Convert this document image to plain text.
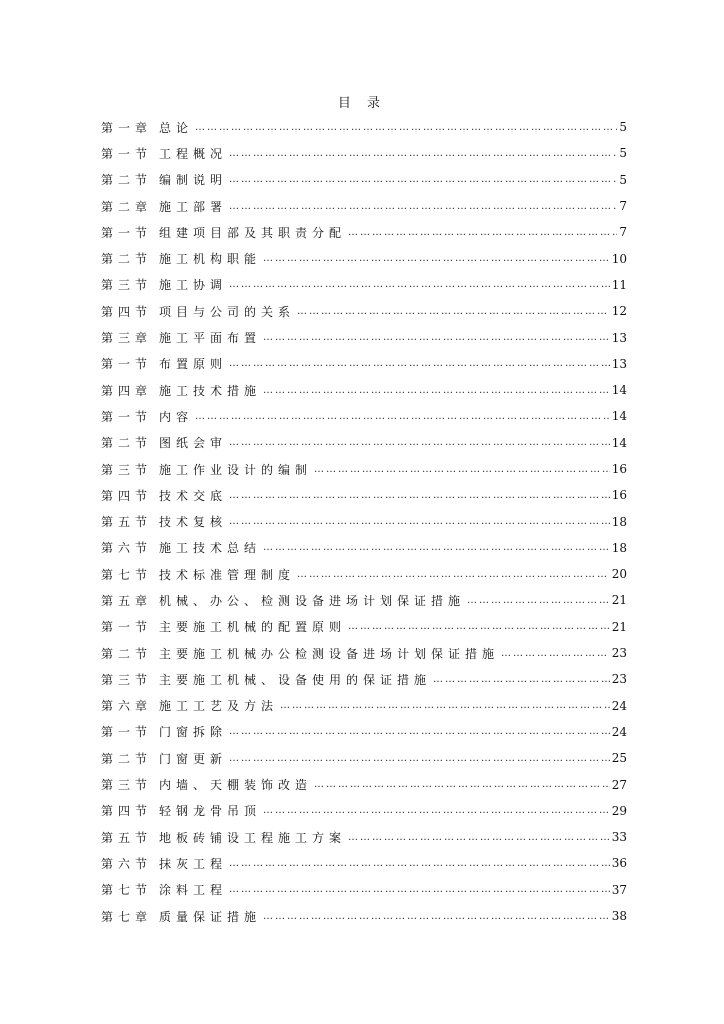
目 录
第一章 总论 …………………………………………………………………………………………………………………………………………………………………………	5
第一节 工程概况 …………………………………………………………………………………………………………………………………………………………………………	5
第二节 编制说明 …………………………………………………………………………………………………………………………………………………………………………	5
第二章 施工部署 …………………………………………………………………………………………………………………………………………………………………………	7
第一节 组建项目部及其职责分配 …………………………………………………………………………………………………………………………………………………………………………	7
第二节 施工机构职能 …………………………………………………………………………………………………………………………………………………………………………	10
第三节 施工协调 …………………………………………………………………………………………………………………………………………………………………………	11
第四节 项目与公司的关系 …………………………………………………………………………………………………………………………………………………………………………	12
第三章 施工平面布置 …………………………………………………………………………………………………………………………………………………………………………	13
第一节 布置原则 …………………………………………………………………………………………………………………………………………………………………………	13
第四章 施工技术措施 …………………………………………………………………………………………………………………………………………………………………………	14
第一节 内容 …………………………………………………………………………………………………………………………………………………………………………	14
第二节 图纸会审 …………………………………………………………………………………………………………………………………………………………………………	14
第三节 施工作业设计的编制 …………………………………………………………………………………………………………………………………………………………………………	16
第四节 技术交底 …………………………………………………………………………………………………………………………………………………………………………	16
第五节 技术复核 …………………………………………………………………………………………………………………………………………………………………………	18
第六节 施工技术总结 …………………………………………………………………………………………………………………………………………………………………………	18
第七节 技术标准管理制度 …………………………………………………………………………………………………………………………………………………………………………	20
第五章 机械、办公、检测设备进场计划保证措施 …………………………………………………………………………………………………………………………………………………………………………	21
第一节 主要施工机械的配置原则 …………………………………………………………………………………………………………………………………………………………………………	21
第二节 主要施工机械办公检测设备进场计划保证措施 …………………………………………………………………………………………………………………………………………………………………………	23
第三节 主要施工机械、设备使用的保证措施 …………………………………………………………………………………………………………………………………………………………………………	23
第六章 施工工艺及方法 …………………………………………………………………………………………………………………………………………………………………………	24
第一节 门窗拆除 …………………………………………………………………………………………………………………………………………………………………………	24
第二节 门窗更新 …………………………………………………………………………………………………………………………………………………………………………	25
第三节 内墙、天棚装饰改造 …………………………………………………………………………………………………………………………………………………………………………	27
第四节 轻钢龙骨吊顶 …………………………………………………………………………………………………………………………………………………………………………	29
第五节 地板砖铺设工程施工方案 …………………………………………………………………………………………………………………………………………………………………………	33
第六节 抹灰工程 …………………………………………………………………………………………………………………………………………………………………………	36
第七节 涂料工程 …………………………………………………………………………………………………………………………………………………………………………	37
第七章 质量保证措施 …………………………………………………………………………………………………………………………………………………………………………	38
